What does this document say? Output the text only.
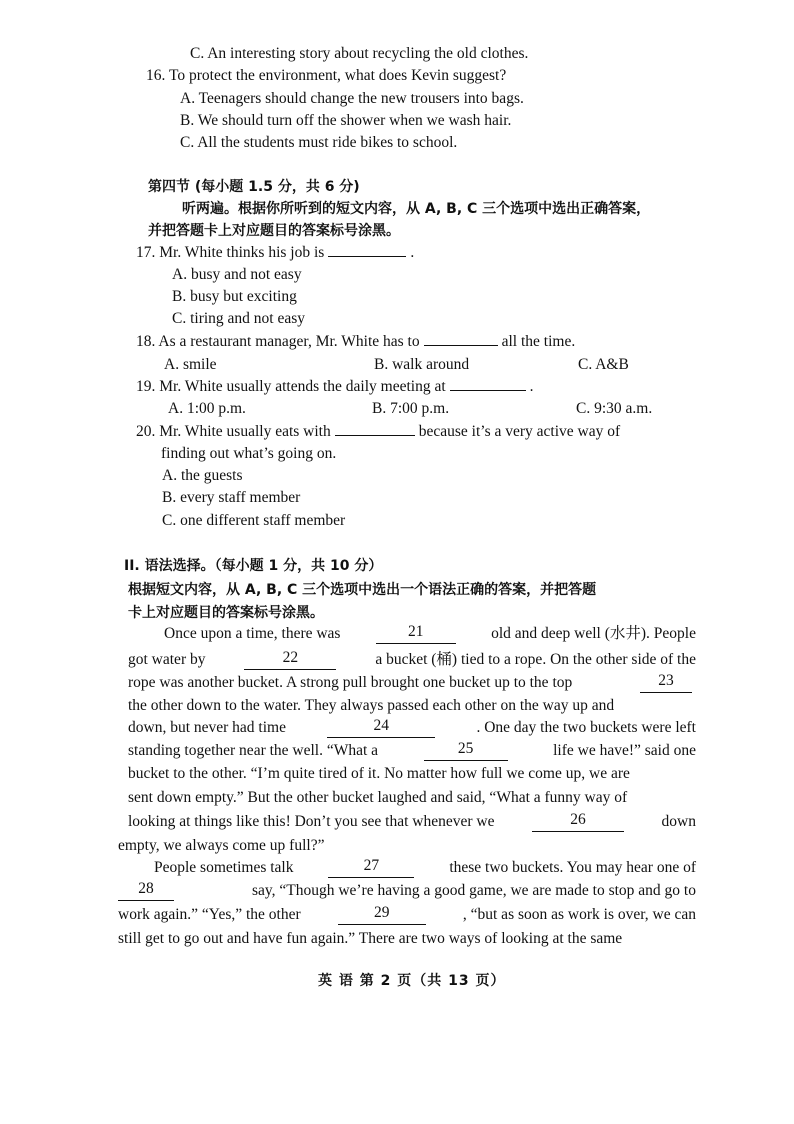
C. An interesting story about recycling the old clothes.
16. To protect the environment, what does Kevin suggest?
A. Teenagers should change the new trousers into bags.
B. We should turn off the shower when we wash hair.
C. All the students must ride bikes to school.
第四节 (每小题 1.5 分，共 6 分)
听两遍。根据你所听到的短文内容，从 A, B, C 三个选项中选出正确答案，
并把答题卡上对应题目的答案标号涂黑。
17. Mr. White thinks his job is	.
A. busy and not easy
B. busy but exciting
C. tiring and not easy
18. As a restaurant manager, Mr. White has to	all the time.
A. smile	B. walk around	C. A&B
19. Mr. White usually attends the daily meeting at	.
A. 1:00 p.m.	B. 7:00 p.m.	C. 9:30 a.m.
20. Mr. White usually eats with	because it’s a very active way of
finding out what’s going on.
A. the guests
B. every staff member
C. one different staff member
II. 语法选择。（每小题 1 分，共 10 分）
根据短文内容，从 A, B, C 三个选项中选出一个语法正确的答案，并把答题
卡上对应题目的答案标号涂黑。
Once upon a time, there was	21	old and deep well (水井). People
got water by	22	a bucket (桶) tied to a rope. On the other side of the
rope was another bucket. A strong pull brought one bucket up to the top	23
the other down to the water. They always passed each other on the way up and
down, but never had time	24	. One day the two buckets were left
standing together near the well. “What a	25	life we have!” said one
bucket to the other. “I’m quite tired of it. No matter how full we come up, we are
sent down empty.” But the other bucket laughed and said, “What a funny way of
looking at things like this! Don’t you see that whenever we	26	down
empty, we always come up full?”
People sometimes talk	27	these two buckets. You may hear one of
28	say, “Though we’re having a good game, we are made to stop and go to
work again.” “Yes,” the other	29	, “but as soon as work is over, we can
still get to go out and have fun again.” There are two ways of looking at the same
英 语 第 2 页（共 13 页）
